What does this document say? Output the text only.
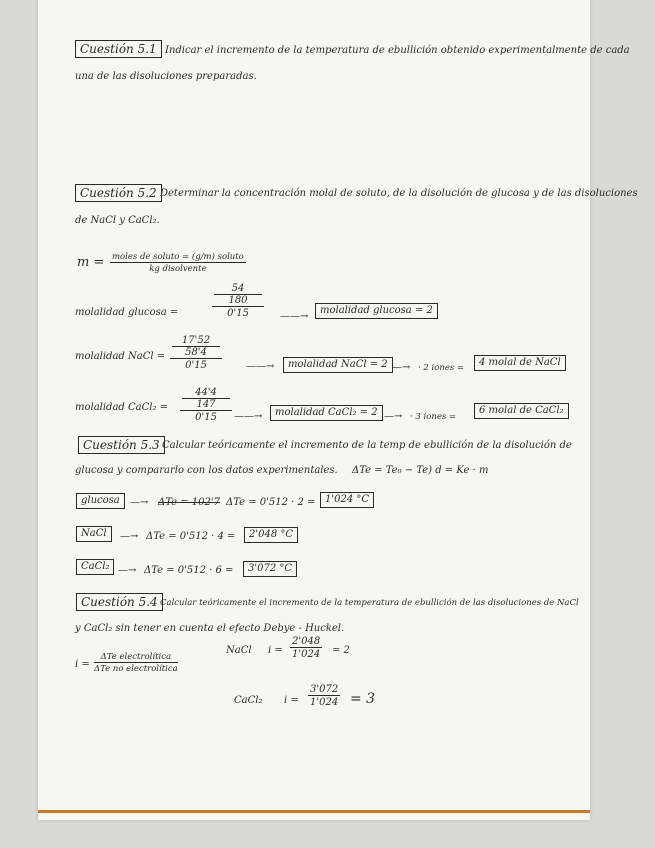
Cuestión 5.1 Indicar el incremento de la temperatura de ebullición obtenido experimentalmente de cada
una de las disoluciones preparadas.
Cuestión 5.2 Determinar la concentración molal de soluto, de la disolución de glucosa y de las disoluciones
de NaCl y CaCl₂.
m = moles de soluto = (g/m) soluto
kg disolvente
molalidad glucosa =	54
180
0'15 ——→
molalidad glucosa = 2
molalidad NaCl = 17'52
58'4
0'15 ——→	molalidad NaCl = 2 —→ · 2 iones =	4 molal de NaCl
molalidad CaCl₂ = 44'4
147
0'15 ——→	molalidad CaCl₂ = 2 —→ · 3 iones =
6 molal de CaCl₂
Cuestión 5.3 Calcular teóricamente el incremento de la temp de ebullición de la disolución de
glucosa y compararlo con los datos experimentales. ΔTe = Te₀ − Te) d = Ke · m
glucosa	—→ ΔTe = 102'7 ΔTe = 0'512 · 2 = 1'024 °C
NaCl	—→ ΔTe = 0'512 · 4 =	2'048 °C
CaCl₂ —→ ΔTe = 0'512 · 6 =	3'072 °C
Cuestión 5.4 Calcular teóricamente el incremento de la temperatura de ebullición de las disoluciones de NaCl
y CaCl₂ sin tener en cuenta el efecto Debye - Huckel.
i =
ΔTe electrolítica
ΔTe no electrolítica
NaCl $i = \frac{2'048}{1'024} = 2$
CaCl₂ $i = \frac{3'072}{1'024} = 3$
